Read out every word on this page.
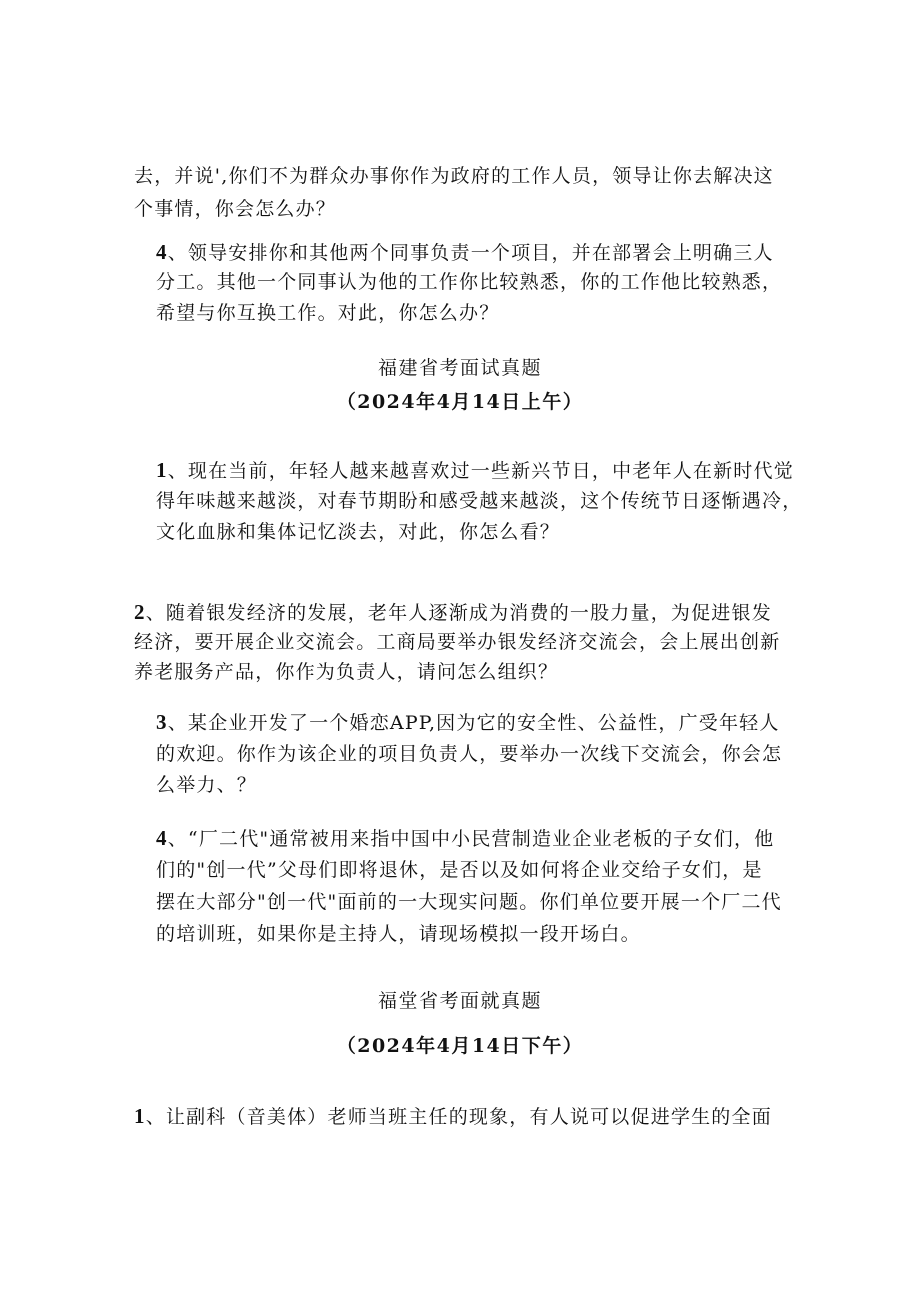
去，并说',你们不为群众办事你作为政府的工作人员，领导让你去解决这
个事情，你会怎么办？
4、领导安排你和其他两个同事负责一个项目，并在部署会上明确三人
分工。其他一个同事认为他的工作你比较熟悉，你的工作他比较熟悉，
希望与你互换工作。对此，你怎么办？
福建省考面试真题
（2024年4月14日上午）
1、现在当前，年轻人越来越喜欢过一些新兴节日，中老年人在新时代觉
得年味越来越淡，对春节期盼和感受越来越淡，这个传统节日逐惭遇冷，
文化血脉和集体记忆淡去，对此，你怎么看？
2、随着银发经济的发展，老年人逐渐成为消费的一股力量，为促进银发
经济，要开展企业交流会。工商局要举办银发经济交流会，会上展出创新
养老服务产品，你作为负责人，请问怎么组织？
3、某企业开发了一个婚恋APP,因为它的安全性、公益性，广受年轻人
的欢迎。你作为该企业的项目负责人，要举办一次线下交流会，你会怎
么举力、？
4、“厂二代"通常被用来指中国中小民营制造业企业老板的子女们，他
们的"创一代”父母们即将退休，是否以及如何将企业交给子女们，是
摆在大部分"创一代"面前的一大现实问题。你们单位要开展一个厂二代
的培训班，如果你是主持人，请现场模拟一段开场白。
福堂省考面就真题
（2024年4月14日下午）
1、让副科（音美体）老师当班主任的现象，有人说可以促进学生的全面
